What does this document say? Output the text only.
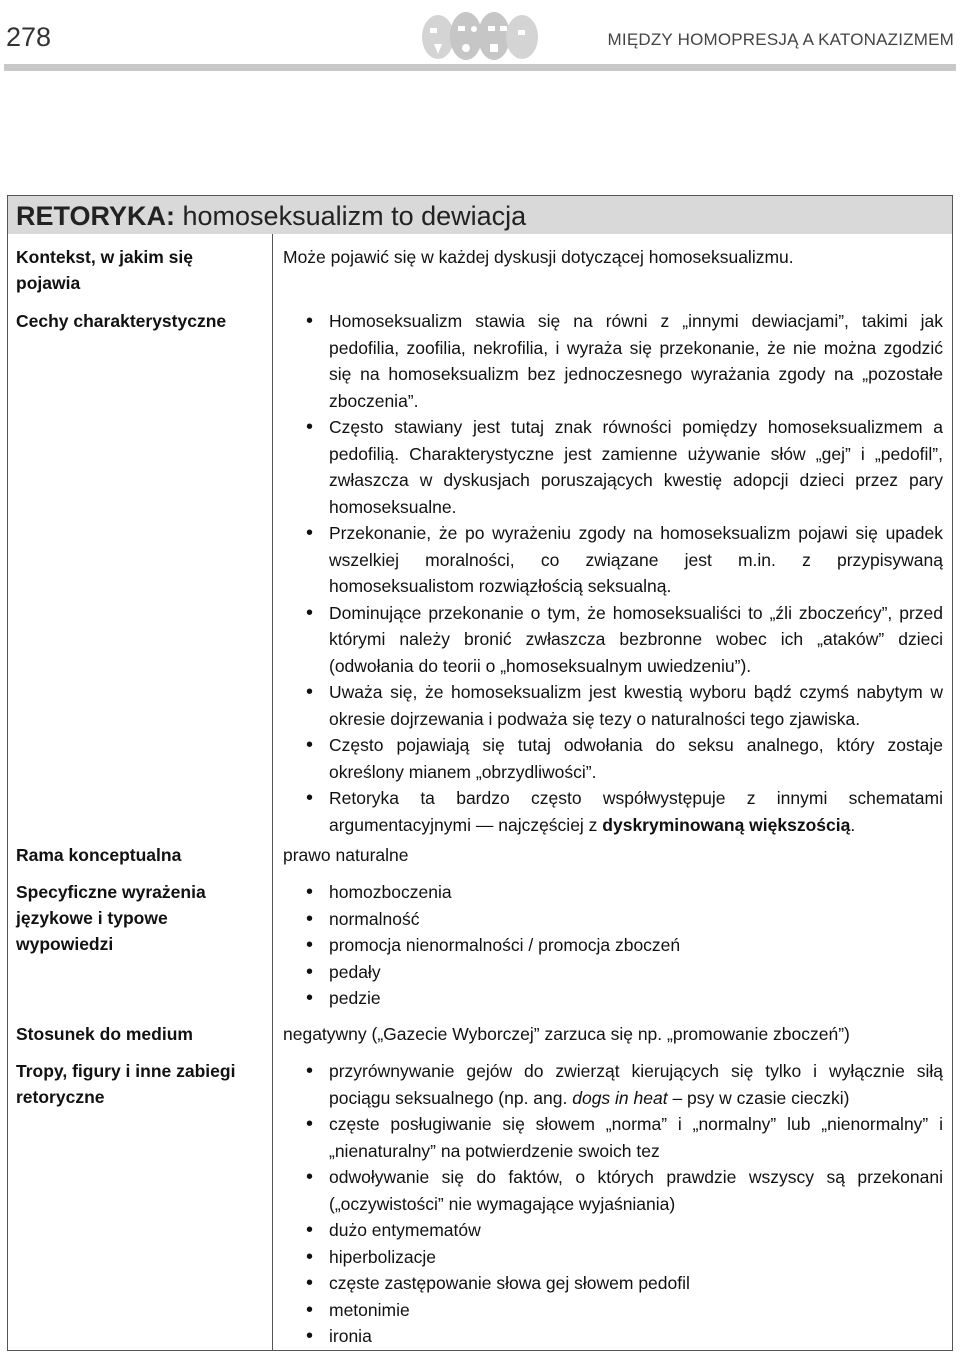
278	MIĘDZY HOMOPRESJĄ A KATONAZIZMEM
RETORYKA: homoseksualizm to dewiacja
Kontekst, w jakim się pojawia
Może pojawić się w każdej dyskusji dotyczącej homoseksualizmu.
Cechy charakterystyczne
•	Homoseksualizm stawia się na równi z „innymi dewiacjami”, takimi jak pedofilia, zoofilia, nekrofilia, i wyraża się przekonanie, że nie można zgodzić się na homoseksualizm bez jednoczesnego wyrażania zgody na „pozostałe zboczenia”.
• Często stawiany jest tutaj znak równości pomiędzy homoseksualizmem a pedofilią. Charakterystyczne jest zamienne używanie słów „gej” i „pedofil”, zwłaszcza w dyskusjach poruszających kwestię adopcji dzieci przez pary homoseksualne.
• Przekonanie, że po wyrażeniu zgody na homoseksualizm pojawi się upadek wszelkiej moralności, co związane jest m.in. z przypisywaną homoseksualistom rozwiązłością seksualną.
• Dominujące przekonanie o tym, że homoseksualiści to „źli zboczeńcy”, przed którymi należy bronić zwłaszcza bezbronne wobec ich „ataków” dzieci (odwołania do teorii o „homoseksualnym uwiedzeniu”).
• Uważa się, że homoseksualizm jest kwestią wyboru bądź czymś nabytym w okresie dojrzewania i podważa się tezy o naturalności tego zjawiska.
• Często pojawiają się tutaj odwołania do seksu analnego, który zostaje określony mianem „obrzydliwości”.
• Retoryka ta bardzo często współwystępuje z innymi schematami argumentacyjnymi — najczęściej z dyskryminowaną większością.
Rama konceptualna	prawo naturalne
Specyficzne wyrażenia językowe i typowe wypowiedzi
• homozboczenia
• normalność
• promocja nienormalności / promocja zboczeń
• pedały
• pedzie
Stosunek do medium	negatywny („Gazecie Wyborczej” zarzuca się np. „promowanie zboczeń”)
Tropy, figury i inne zabiegi retoryczne
• przyrównywanie gejów do zwierząt kierujących się tylko i wyłącznie siłą pociągu seksualnego (np. ang. dogs in heat – psy w czasie cieczki)
• częste posługiwanie się słowem „norma” i „normalny” lub „nienormalny” i „nienaturalny” na potwierdzenie swoich tez
• odwoływanie się do faktów, o których prawdzie wszyscy są przekonani („oczywistości” nie wymagające wyjaśniania)
• dużo entymematów
• hiperbolizacje
• częste zastępowanie słowa gej słowem pedofil
• metonimie
• ironia
